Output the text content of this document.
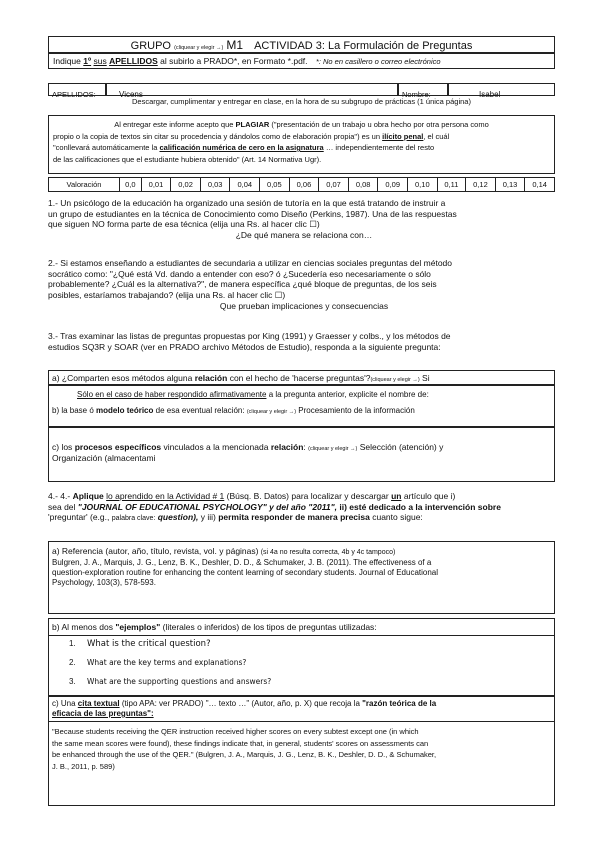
GRUPO (cliquear y elegir →) M1 ACTIVIDAD 3: La Formulación de Preguntas
Indique 1º sus APELLIDOS al subirlo a PRADO*, en Formato *.pdf. *: No en casillero o correo electrónico
APELLIDOS:	Vicens	Nombre:	Isabel
Descargar, cumplimentar y entregar en clase, en la hora de su subgrupo de prácticas (1 única página)
Al entregar este informe acepto que PLAGIAR ("presentación de un trabajo u obra hecho por otra persona como
propio o la copia de textos sin citar su procedencia y dándolos como de elaboración propia") es un ilícito penal, el cuál
"conllevará automáticamente la calificación numérica de cero en la asignatura … independientemente del resto
de las calificaciones que el estudiante hubiera obtenido" (Art. 14 Normativa Ugr).
Valoración	0,0	0,01	0,02	0,03	0,04	0,05	0,06	0,07	0,08	0,09	0,10	0,11	0,12	0,13	0,14
1.- Un psicólogo de la educación ha organizado una sesión de tutoría en la que está tratando de instruir a
un grupo de estudiantes en la técnica de Conocimiento como Diseño (Perkins, 1987). Una de las respuestas
que siguen NO forma parte de esa técnica (elija una Rs. al hacer clic ☐)
¿De qué manera se relaciona con…
2.- Si estamos enseñando a estudiantes de secundaria a utilizar en ciencias sociales preguntas del método
socrático como: "¿Qué está Vd. dando a entender con eso? ó ¿Sucedería eso necesariamente o sólo
probablemente? ¿Cuál es la alternativa?", de manera específica ¿qué bloque de preguntas, de los seis
posibles, estaríamos trabajando? (elija una Rs. al hacer clic ☐)
Que prueban implicaciones y consecuencias
3.- Tras examinar las listas de preguntas propuestas por King (1991) y Graesser y colbs., y los métodos de
estudios SQ3R y SOAR (ver en PRADO archivo Métodos de Estudio), responda a la siguiente pregunta:
a) ¿Comparten esos métodos alguna relación con el hecho de 'hacerse preguntas'?(cliquear y elegir →) Si
Sólo en el caso de haber respondido afirmativamente a la pregunta anterior, explicite el nombre de:
b) la base ó modelo teórico de esa eventual relación: (cliquear y elegir →) Procesamiento de la información
c) los procesos específicos vinculados a la mencionada relación: (cliquear y elegir →) Selección (atención) y
Organización (almacentami
4.- 4.- Aplique lo aprendido en la Actividad # 1 (Búsq. B. Datos) para localizar y descargar un artículo que i)
sea del "JOURNAL OF EDUCATIONAL PSYCHOLOGY" y del año "2011", ii) esté dedicado a la intervención sobre
'preguntar' (e.g., palabra clave: question), y iii) permita responder de manera precisa cuanto sigue:
a) Referencia (autor, año, título, revista, vol. y páginas) (si 4a no resulta correcta, 4b y 4c tampoco)
Bulgren, J. A., Marquis, J. G., Lenz, B. K., Deshler, D. D., & Schumaker, J. B. (2011). The effectiveness of a
question-exploration routine for enhancing the content learning of secondary students. Journal of Educational
Psychology, 103(3), 578-593.
b) Al menos dos "ejemplos" (literales o inferidos) de los tipos de preguntas utilizadas:
1. What is the critical question?
2. What are the key terms and explanations?
3. What are the supporting questions and answers?
c) Una cita textual (tipo APA: ver PRADO) "… texto …" (Autor, año, p. X) que recoja la "razón teórica de la
eficacia de las preguntas":
"Because students receiving the QER instruction received higher scores on every subtest except one (in which
the same mean scores were found), these findings indicate that, in general, students' scores on assessments can
be enhanced through the use of the QER." (Bulgren, J. A., Marquis, J. G., Lenz, B. K., Deshler, D. D., & Schumaker,
J. B., 2011, p. 589)
